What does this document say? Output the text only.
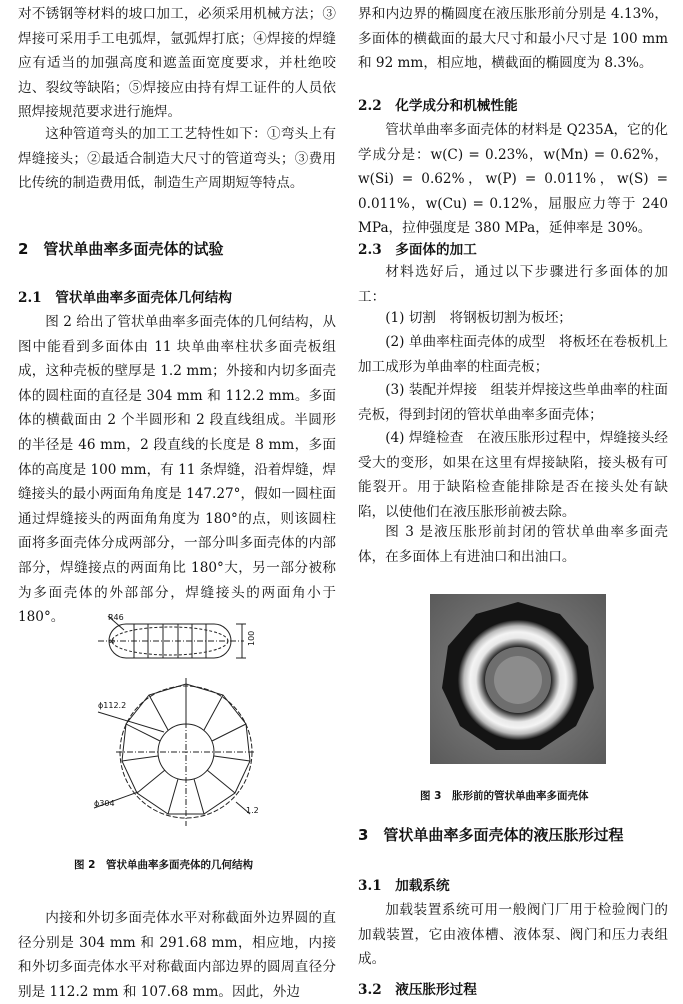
对不锈钢等材料的坡口加工，必须采用机械方法；③焊接可采用手工电弧焊，氩弧焊打底；④焊接的焊缝应有适当的加强高度和遮盖面宽度要求，并杜绝咬边、裂纹等缺陷；⑤焊接应由持有焊工证件的人员依照焊接规范要求进行施焊。

这种管道弯头的加工工艺特性如下：①弯头上有焊缝接头；②最适合制造大尺寸的管道弯头；③费用比传统的制造费用低，制造生产周期短等特点。

2　管状单曲率多面壳体的试验
2.1　管状单曲率多面壳体几何结构

图 2 给出了管状单曲率多面壳体的几何结构，从图中能看到多面体由 11 块单曲率柱状多面壳板组成，这种壳板的壁厚是 1.2 mm；外接和内切多面壳体的圆柱面的直径是 304 mm 和 112.2 mm。多面体的横截面由 2 个半圆形和 2 段直线组成。半圆形的半径是 46 mm，2 段直线的长度是 8 mm，多面体的高度是 100 mm，有 11 条焊缝，沿着焊缝，焊缝接头的最小两面角角度是 147.27°，假如一圆柱面通过焊缝接头的两面角角度为 180°的点，则该圆柱面将多面壳体分成两部分，一部分叫多面壳体的内部部分，焊缝接点的两面角比 180°大，另一部分被称为多面壳体的外部部分，焊缝接头的两面角小于 180°。	R46
100
∞
ϕ112.2
ϕ304
1.2

图 2　管状单曲率多面壳体的几何结构

内接和外切多面壳体水平对称截面外边界圆的直径分别是 304 mm 和 291.68 mm，相应地，内接和外切多面壳体水平对称截面内部边界的圆周直径分别是 112.2 mm 和 107.68 mm。因此，外边

界和内边界的椭圆度在液压胀形前分别是 4.13%，多面体的横截面的最大尺寸和最小尺寸是 100 mm 和 92 mm，相应地，横截面的椭圆度为 8.3%。

2.2　化学成分和机械性能

管状单曲率多面壳体的材料是 Q235A，它的化学成分是：w(C) = 0.23%，w(Mn) = 0.62%，w(Si) = 0.62%，w(P) = 0.011%，w(S) = 0.011%，w(Cu) = 0.12%，屈服应力等于 240 MPa，拉伸强度是 380 MPa，延伸率是 30%。

2.3　多面体的加工

材料选好后，通过以下步骤进行多面体的加工：

(1) 切割　将钢板切割为板坯；

(2) 单曲率柱面壳体的成型　将板坯在卷板机上加工成形为单曲率的柱面壳板；

(3) 装配并焊接　组装并焊接这些单曲率的柱面壳板，得到封闭的管状单曲率多面壳体；

(4) 焊缝检查　在液压胀形过程中，焊缝接头经受大的变形，如果在这里有焊接缺陷，接头极有可能裂开。用于缺陷检查能排除是否在接头处有缺陷，以使他们在液压胀形前被去除。

图 3 是液压胀形前封闭的管状单曲率多面壳体，在多面体上有进油口和出油口。

图 3　胀形前的管状单曲率多面壳体

3　管状单曲率多面壳体的液压胀形过程
3.1　加载系统

加载装置系统可用一般阀门厂用于检验阀门的加载装置，它由液体槽、液体泵、阀门和压力表组成。

3.2　液压胀形过程
